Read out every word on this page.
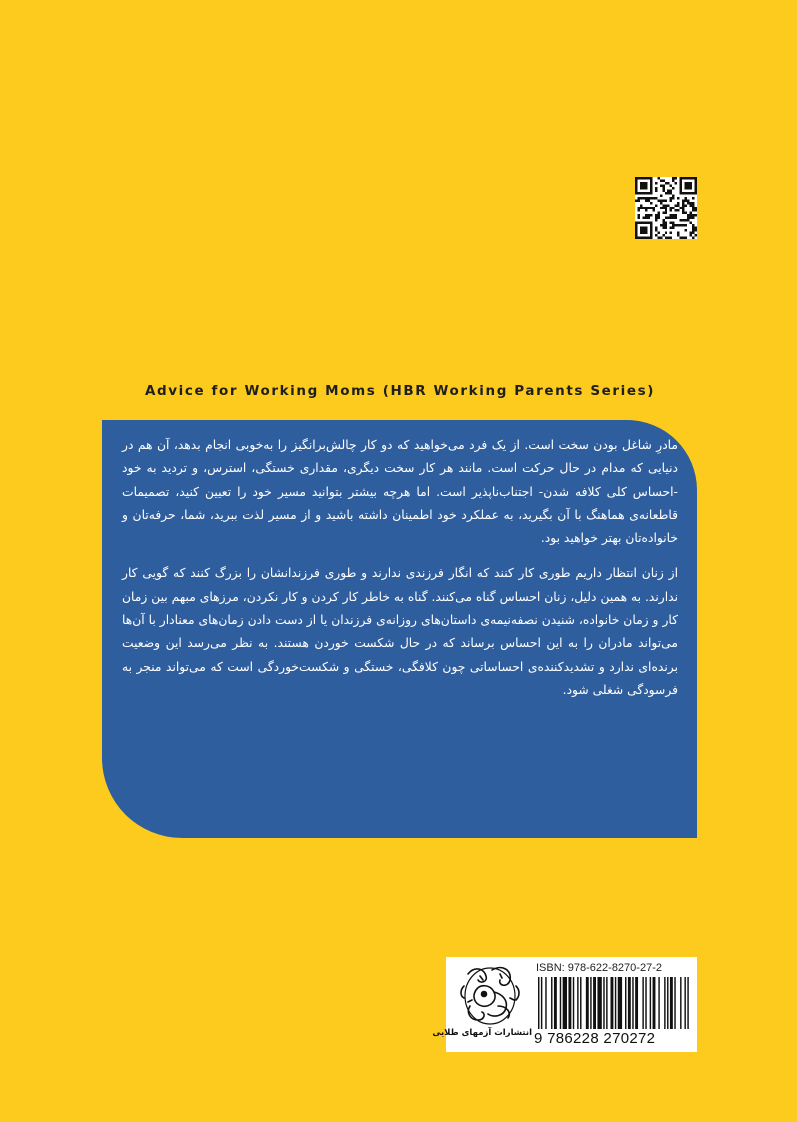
Advice for Working Moms (HBR Working Parents Series)

مادرِ شاغل بودن سخت است. از یک فرد می‌خواهید که دو کار چالش‌برانگیز را به‌خوبی انجام بدهد، آن هم در دنیایی که مدام در حال حرکت است. مانند هر کار سخت دیگری، مقداری خستگی، استرس، و تردید به خود -احساس کلی کلافه شدن- اجتناب‌ناپذیر است. اما هرچه بیشتر بتوانید مسیر خود را تعیین کنید، تصمیمات قاطعانه‌ی هماهنگ با آن بگیرید، به عملکرد خود اطمینان داشته باشید و از مسیر لذت ببرید، شما، حرفه‌تان و خانواده‌تان بهتر خواهید بود.

از زنان انتظار داریم طوری کار کنند که انگار فرزندی ندارند و طوری فرزندانشان را بزرگ کنند که گویی کار ندارند. به همین دلیل، زنان احساس گناه می‌کنند. گناه به خاطر کار کردن و کار نکردن، مرزهای مبهم بین زمان کار و زمان خانواده، شنیدن نصفه‌نیمه‌ی داستان‌های روزانه‌ی فرزندان یا از دست دادن زمان‌های معنادار با آن‌ها می‌تواند مادران را به این احساس برساند که در حال شکست خوردن هستند. به نظر می‌رسد این وضعیت برنده‌ای ندارد و تشدیدکننده‌ی احساساتی چون کلافگی، خستگی و شکست‌خوردگی است که می‌تواند منجر به فرسودگی شغلی شود.

انتشارات آزمهای طلایی
ISBN: 978-622-8270-27-2
9 786228 270272
